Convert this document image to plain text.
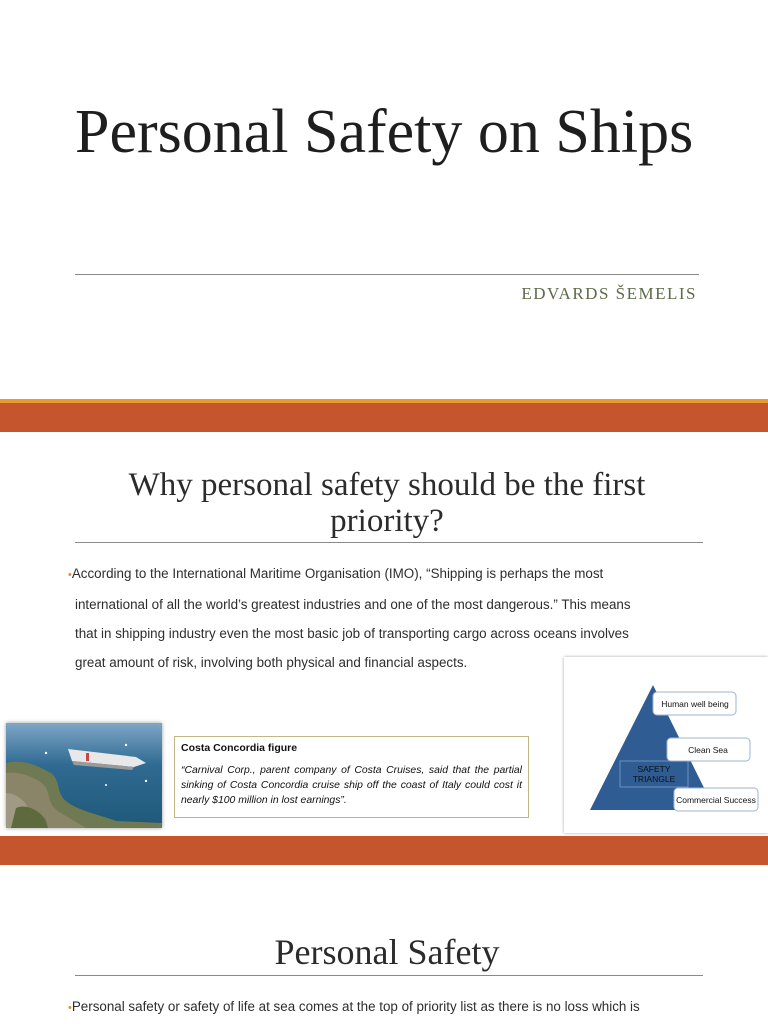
Personal Safety on Ships
EDVARDS ŠEMELIS
Why personal safety should be the first priority?
•According to the International Maritime Organisation (IMO), “Shipping is perhaps the most
international of all the world’s greatest industries and one of the most dangerous.” This means
that in shipping industry even the most basic job of transporting cargo across oceans involves
great amount of risk, involving both physical and financial aspects.
Costa Concordia figure
“Carnival Corp., parent company of Costa Cruises, said that the partial sinking of Costa Concordia cruise ship off the coast of Italy could cost it nearly $100 million in lost earnings”.
SAFETY
TRIANGLE
Human well being
Clean Sea
Commercial Success
Personal Safety
•Personal safety or safety of life at sea comes at the top of priority list as there is no loss which is
